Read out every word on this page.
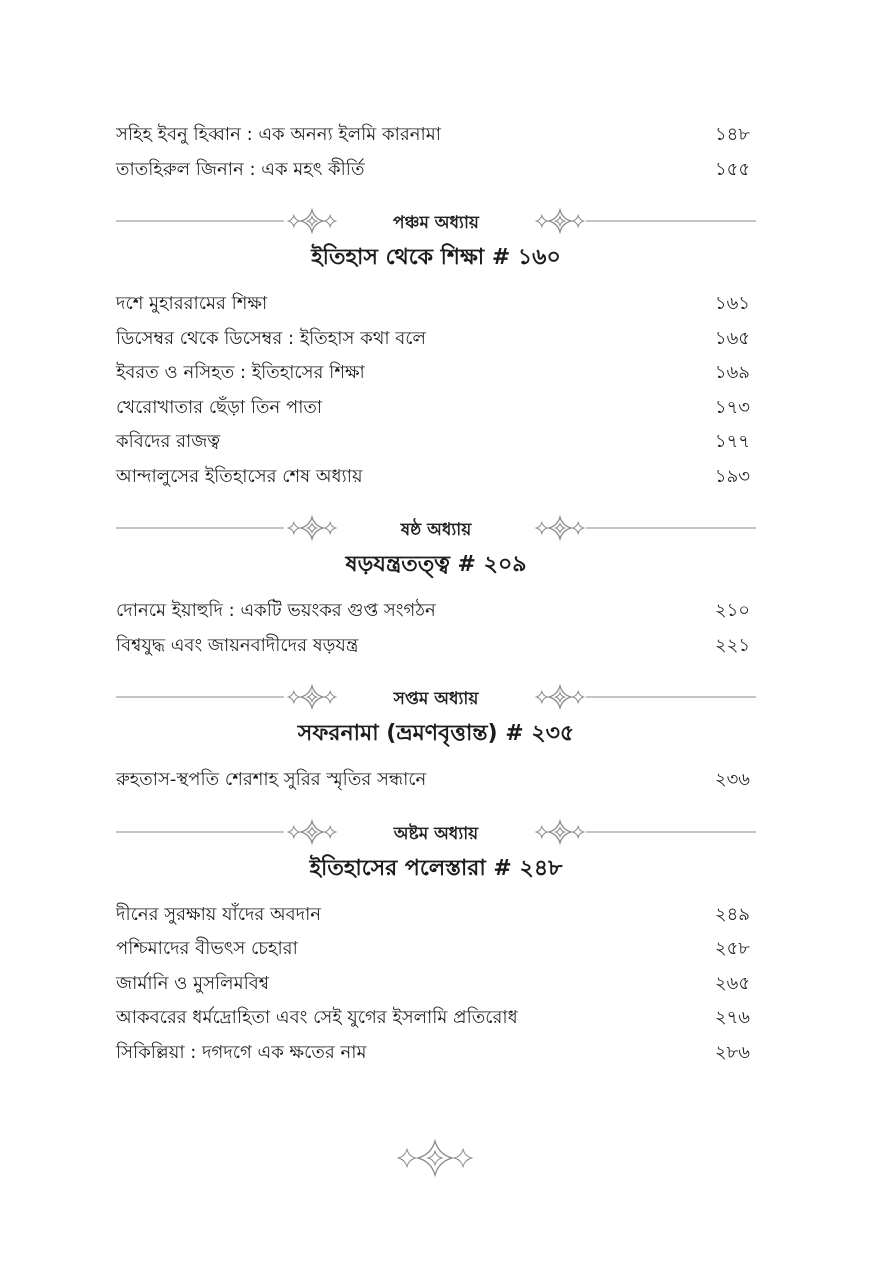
সহিহ ইবনু হিব্বান : এক অনন্য ইলমি কারনামা	১৪৮
তাতহিরুল জিনান : এক মহৎ কীর্তি	১৫৫
পঞ্চম অধ্যায়
ইতিহাস থেকে শিক্ষা # ১৬০
দশে মুহাররামের শিক্ষা	১৬১
ডিসেম্বর থেকে ডিসেম্বর : ইতিহাস কথা বলে	১৬৫
ইবরত ও নসিহত : ইতিহাসের শিক্ষা	১৬৯
খেরোখাতার ছেঁড়া তিন পাতা	১৭৩
কবিদের রাজত্ব	১৭৭
আন্দালুসের ইতিহাসের শেষ অধ্যায়	১৯৩
ষষ্ঠ অধ্যায়
ষড়যন্ত্রতত্ত্ব # ২০৯
দোনমে ইয়াহুদি : একটি ভয়ংকর গুপ্ত সংগঠন	২১০
বিশ্বযুদ্ধ এবং জায়নবাদীদের ষড়যন্ত্র	২২১
সপ্তম অধ্যায়
সফরনামা (ভ্রমণবৃত্তান্ত) # ২৩৫
রুহতাস-স্থপতি শেরশাহ সুরির স্মৃতির সন্ধানে	২৩৬
অষ্টম অধ্যায়
ইতিহাসের পলেস্তারা # ২৪৮
দীনের সুরক্ষায় যাঁদের অবদান	২৪৯
পশ্চিমাদের বীভৎস চেহারা	২৫৮
জার্মানি ও মুসলিমবিশ্ব	২৬৫
আকবরের ধর্মদ্রোহিতা এবং সেই যুগের ইসলামি প্রতিরোধ	২৭৬
সিকিল্লিয়া : দগদগে এক ক্ষতের নাম	২৮৬
